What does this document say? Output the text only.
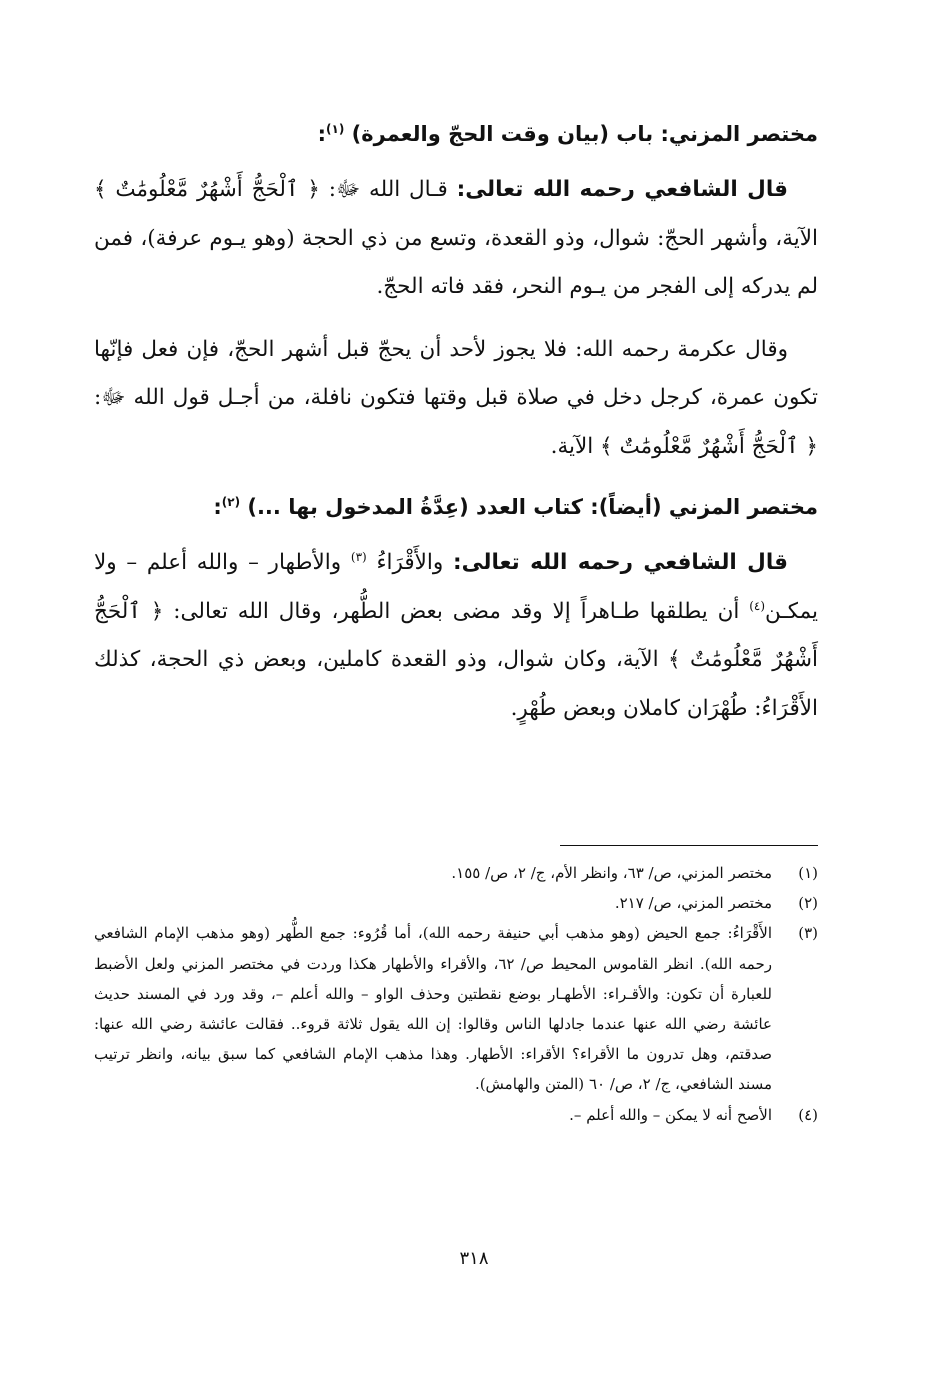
مختصر المزني: باب (بيان وقت الحجّ والعمرة) $^{(١)}$:

قال الشافعي رحمه الله تعالى: قـال الله ﷻ: ﴿ ٱلْحَجُّ أَشْهُرٌ مَّعْلُومَٰتٌ ﴾ الآية، وأشهر الحجّ: شوال، وذو القعدة، وتسع من ذي الحجة (وهو يـوم عرفة)، فمن لم يدركه إلى الفجر من يـوم النحر، فقد فاته الحجّ.

وقال عكرمة رحمه الله: فلا يجوز لأحد أن يحجّ قبل أشهر الحجّ، فإن فعل فإنّها تكون عمرة، كرجل دخل في صلاة قبل وقتها فتكون نافلة، من أجـل قول الله ﷻ: ﴿ ٱلْحَجُّ أَشْهُرٌ مَّعْلُومَٰتٌ ﴾ الآية.

مختصر المزني (أيضاً): كتاب العدد (عِدَّةُ المدخول بها ...) $^{(٢)}$:

قال الشافعي رحمه الله تعالى: والأَقْرَاءُ $^{(٣)}$ والأطهار – والله أعلم – ولا يمكـن$^{(٤)}$ أن يطلقها طـاهراً إلا وقد مضى بعض الطُّهر، وقال الله تعالى: ﴿ ٱلْحَجُّ أَشْهُرٌ مَّعْلُومَٰتٌ ﴾ الآية، وكان شوال، وذو القعدة كاملين، وبعض ذي الحجة، كذلك الأَقْرَاءُ: طُهْرَان كاملان وبعض طُهْرٍ.

(١)
مختصر المزني، ص/ ٦٣، وانظر الأم، ج/ ٢، ص/ ١٥٥.
(٢)
مختصر المزني، ص/ ٢١٧.
(٣)
الأَقْرَاءُ: جمع الحيض (وهو مذهب أبي حنيفة رحمه الله)، أما قُرُوء: جمع الطُّهر (وهو مذهب الإمام الشافعي رحمه الله). انظر القاموس المحيط ص/ ٦٢، والأقراء والأطهار هكذا وردت في مختصر المزني ولعل الأضبط للعبارة أن تكون: والأقـراء: الأطهـار بوضع نقطتين وحذف الواو – والله أعلم –، وقد ورد في المسند حديث عائشة رضي الله عنها عندما جادلها الناس وقالوا: إن الله يقول ثلاثة قروء.. فقالت عائشة رضي الله عنها: صدقتم، وهل تدرون ما الأقراء؟ الأقراء: الأطهار. وهذا مذهب الإمام الشافعي كما سبق بيانه، وانظر ترتيب مسند الشافعي، ج/ ٢، ص/ ٦٠ (المتن والهامش).
(٤)
الأصح أنه لا يمكن – والله أعلم –.
٣١٨
